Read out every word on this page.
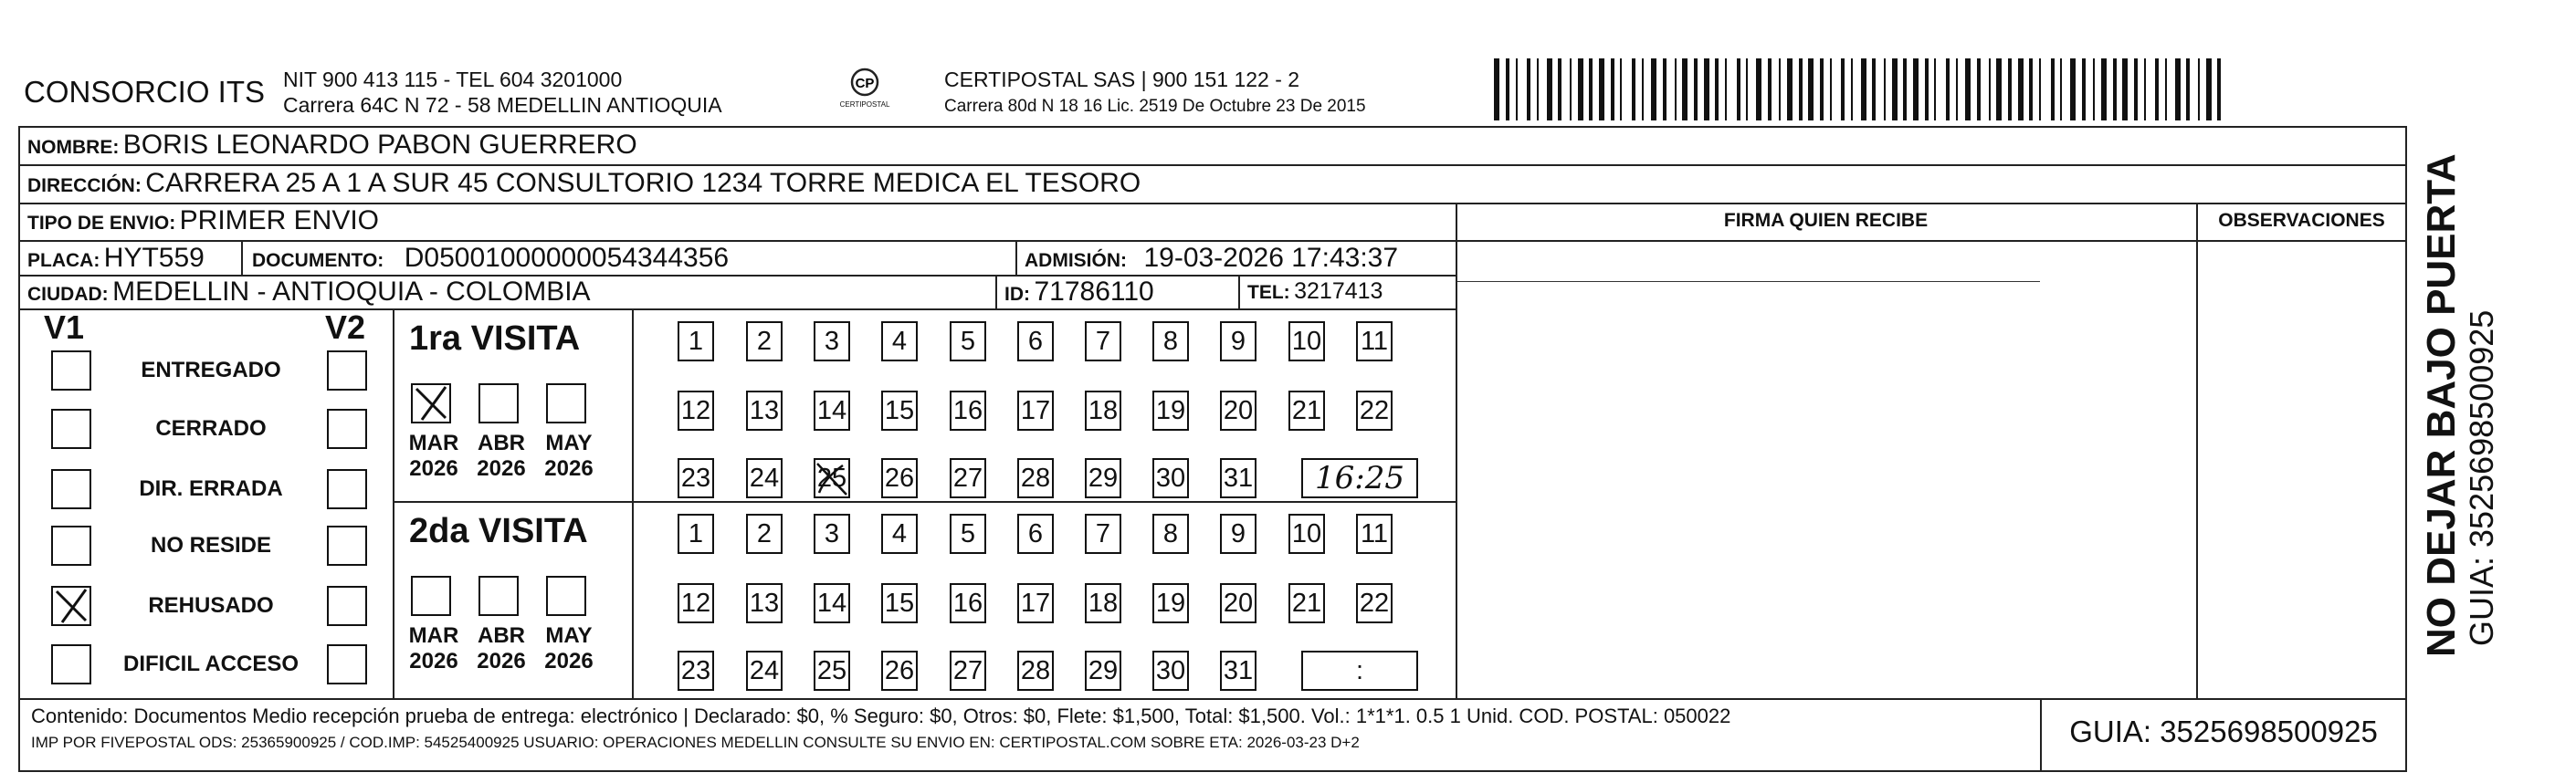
CONSORCIO ITS NIT 900 413 115 - TEL 604 3201000
Carrera 64C N 72 - 58 MEDELLIN ANTIOQUIA
CP
CERTIPOSTAL
CERTIPOSTAL SAS | 900 151 122 - 2
Carrera 80d N 18 16 Lic. 2519 De Octubre 23 De 2015
NOMBRE: BORIS LEONARDO PABON GUERRERO
DIRECCIÓN: CARRERA 25 A 1 A SUR 45 CONSULTORIO 1234 TORRE MEDICA EL TESORO
TIPO DE ENVIO: PRIMER ENVIO	FIRMA QUIEN RECIBE	OBSERVACIONES
PLACA: HYT559 DOCUMENTO: D05001000000054344356	ADMISIÓN: 19-03-2026 17:43:37
CIUDAD: MEDELLIN - ANTIOQUIA - COLOMBIA	ID: 71786110	TEL: 3217413
V1	V2
ENTREGADO
CERRADO
DIR. ERRADA
NO RESIDE
REHUSADO
DIFICIL ACCESO
1ra VISITA
MAR
2026
ABR
2026
MAY
2026
1	2	3	4	5	6	7	8	9	10 11
12 13 14 15 16 17 18 19 20 21 22
23 24 25 26 27 28 29 30 31	16:25
2da VISITA
MAR
2026
ABR
2026
MAY
2026
1	2	3	4	5	6	7	8	9	10 11
12 13 14 15 16 17 18 19 20 21 22
23 24 25 26 27 28 29 30 31	:
Contenido: Documentos Medio recepción prueba de entrega: electrónico | Declarado: $0, % Seguro: $0, Otros: $0, Flete: $1,500, Total: $1,500. Vol.: 1*1*1. 0.5 1 Unid. COD. POSTAL: 050022
IMP POR FIVEPOSTAL ODS: 25365900925 / COD.IMP: 54525400925 USUARIO: OPERACIONES MEDELLIN CONSULTE SU ENVIO EN: CERTIPOSTAL.COM SOBRE ETA: 2026-03-23 D+2	GUIA: 3525698500925
NO DEJAR BAJO PUERTA GUIA: 3525698500925
